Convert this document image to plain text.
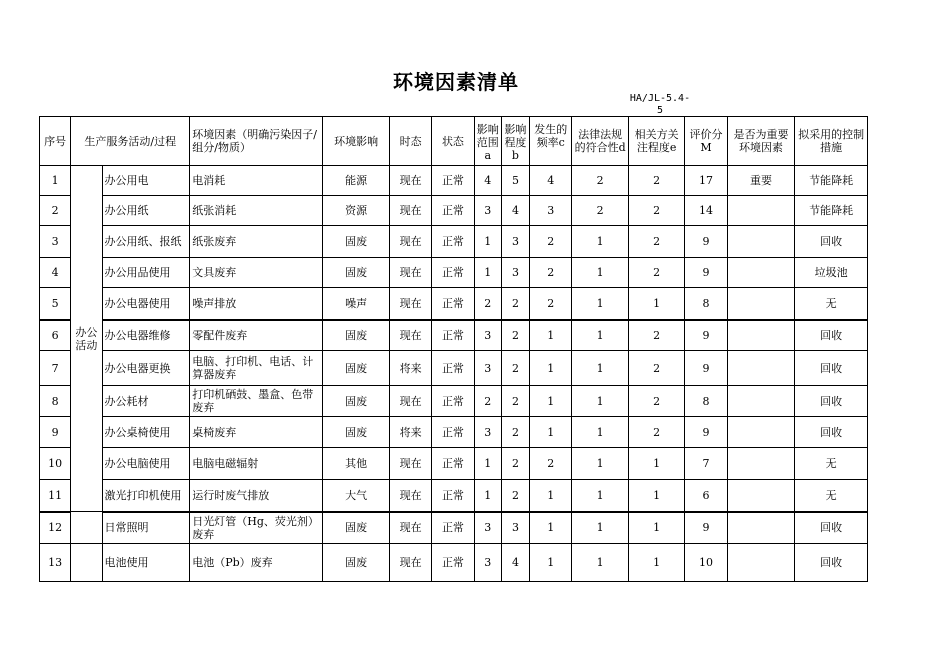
环境因素清单
HA/JL-5.4-5
序号	生产服务活动/过程		环境因素（明确污染因子/组分/物质）	环境影响	时态	状态	影响范围a	影响程度b	发生的频率c	法律法规的符合性d	相关方关注程度e	评价分M	是否为重要环境因素	拟采用的控制措施
1	办公活动	办公用电	电消耗	能源	现在	正常	4	5	4	2	2	17	重要	节能降耗
2		办公用纸	纸张消耗	资源	现在	正常	3	4	3	2	2	14		节能降耗
3		办公用纸、报纸	纸张废弃	固废	现在	正常	1	3	2	1	2	9		回收
4		办公用品使用	文具废弃	固废	现在	正常	1	3	2	1	2	9		垃圾池
5		办公电器使用	噪声排放	噪声	现在	正常	2	2	2	1	1	8		无
6		办公电器维修	零配件废弃	固废	现在	正常	3	2	1	1	2	9		回收
7		办公电器更换	电脑、打印机、电话、计算器废弃	固废	将来	正常	3	2	1	1	2	9		回收
8		办公耗材	打印机硒鼓、墨盒、色带废弃	固废	现在	正常	2	2	1	1	2	8		回收
9		办公桌椅使用	桌椅废弃	固废	将来	正常	3	2	1	1	2	9		回收
10		办公电脑使用	电脑电磁辐射	其他	现在	正常	1	2	2	1	1	7		无
11		激光打印机使用	运行时废气排放	大气	现在	正常	1	2	1	1	1	6		无
12		日常照明	日光灯管（Hg、荧光剂）废弃	固废	现在	正常	3	3	1	1	1	9		回收
13		电池使用	电池（Pb）废弃	固废	现在	正常	3	4	1	1	1	10		回收
